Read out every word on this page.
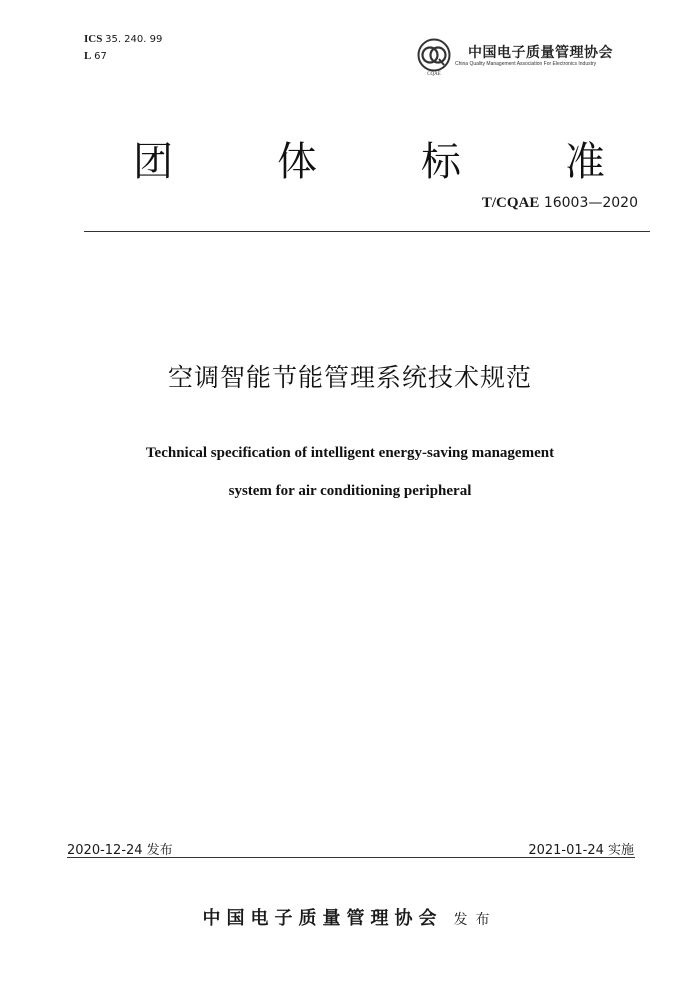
ICS 35. 240. 99
L 67
CQAE
中国电子质量管理协会
China Quality Management Association For Electronics Industry
团	体	标	准
T/CQAE 16003—2020
空调智能节能管理系统技术规范
Technical specification of intelligent energy-saving management
system for air conditioning peripheral
2020-12-24 发布	2021-01-24 实施
中国电子质量管理协会 发布
